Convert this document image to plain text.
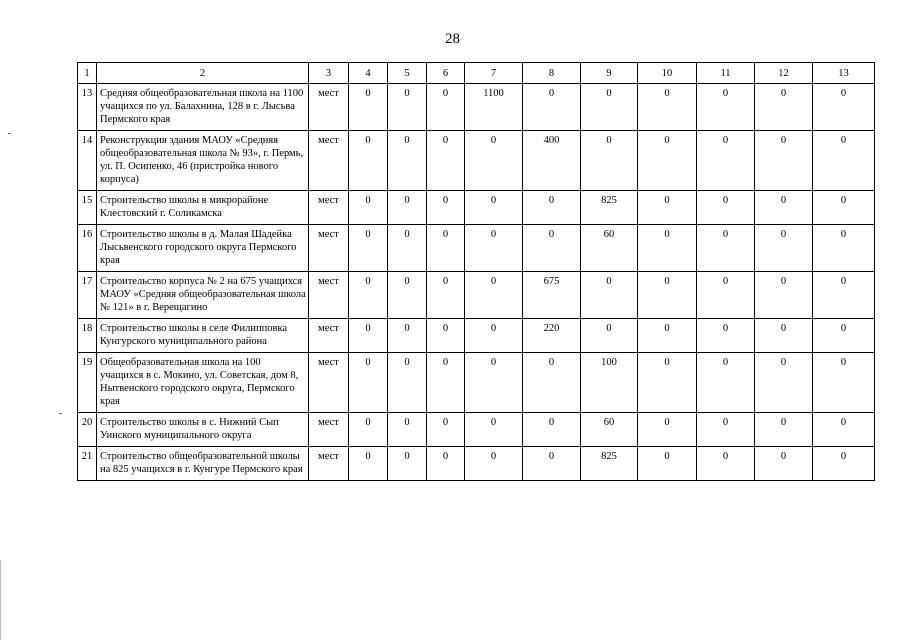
28
1	2	3	4	5	6	7	8	9	10	11	12	13
13	Средняя общеобразовательная школа на 1100 учащихся по ул. Балахнина, 128 в г. Лысьва Пермского края	мест	0	0	0	1100	0	0	0	0	0	0
14	Реконструкция здания МАОУ «Средняя общеобразовательная школа № 93», г. Пермь, ул. П. Осипенко, 46 (пристройка нового корпуса)	мест	0	0	0	0	400	0	0	0	0	0
15	Строительство школы в микрорайоне Клестовский г. Соликамска	мест	0	0	0	0	0	825	0	0	0	0
16	Строительство школы в д. Малая Шадейка Лысьвенского городского округа Пермского края	мест	0	0	0	0	0	60	0	0	0	0
17	Строительство корпуса № 2 на 675 учащихся МАОУ «Средняя общеобразовательная школа № 121» в г. Верещагино	мест	0	0	0	0	675	0	0	0	0	0
18	Строительство школы в селе Филипповка Кунгурского муниципального района	мест	0	0	0	0	220	0	0	0	0	0
19	Общеобразовательная школа на 100 учащихся в с. Мокино, ул. Советская, дом 8, Нытвенского городского округа, Пермского края	мест	0	0	0	0	0	100	0	0	0	0
20	Строительство школы в с. Нижний Сып Уинского муниципального округа	мест	0	0	0	0	0	60	0	0	0	0
21	Строительство общеобразовательной школы на 825 учащихся в г. Кунгуре Пермского края	мест	0	0	0	0	0	825	0	0	0	0
